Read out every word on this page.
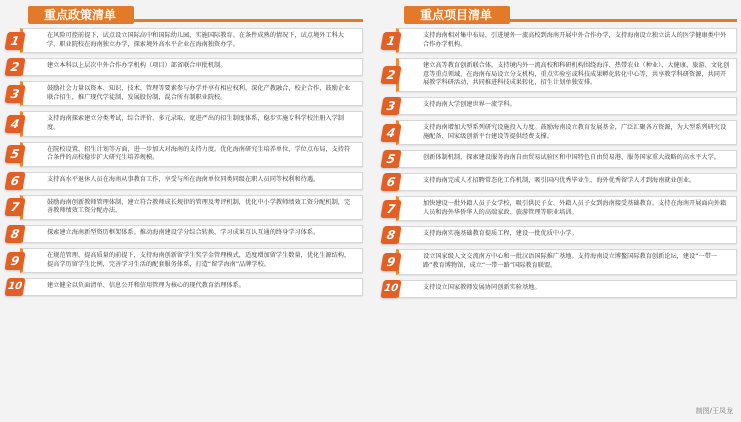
重点政策清单
在风险可控前提下，试点设立国际高中和国际幼儿园，实施国际教育。在条件成熟的情况下，试点境外工科大学、职业院校在海南独立办学，探索境外高水平企业在海南独资办学。
1
建立本科以上层次中外合作办学机构（项目）部省联合审批机制。
2
鼓励社会力量以资本、知识、技术、管理等要素参与办学并享有相应权利，深化产教融合、校企合作，鼓励企业联合招生，推广现代学徒制，发展股份制、混合所有制职业院校。
3
支持海南探索建立分类考试、综合评价、多元录取、宽进严出的招生制度体系，稳步实施专科学校注册入学制度。
4
在院校设置、招生计划等方面，进一步加大对海南的支持力度。优化海南研究生培养单位、学位点布局，支持符合条件的高校稳步扩大研究生培养规模。
5
支持高水平退休人员在海南从事教育工作，享受与所在海南单位同类同级在职人员同等权利和待遇。
6
鼓励海南创新教师管理体制，建立符合教师成长规律的管理及考评机制，优化中小学教师绩效工资分配机制，完善教师绩效工资分配办法。
7
探索建立海南新型资历框架体系。推动海南建设学分综合转换、学习成果互认互通的终身学习体系。
8
在规范管理、提高质量的前提下，支持海南创新留学生奖学金管理模式，适度增加留学生数量，优化生源结构，提高学历留学生比例，完善学习生活的配套服务体系，打造“留学海南”品牌学校。
9
建立健全以负面清单、信息公开和信用管理为核心的现代教育治理体系。
10
重点项目清单
支持海南相对集中布局，引进境外一流高校到海南开展中外合作办学，支持海南设立独立法人的医学健康类中外合作办学机构。
1
建立高等教育创新联合体。支持境内外一流高校和科研机构围绕海洋、热带农业（种业）、大健康、旅游、文化创意等重点领域，在海南布局设立分支机构，重点实验室或科技成果孵化转化中心等，共享教学科研资源，共同开展教学科研活动，共同推进科技成果转化，招生计划单独安排。
2
支持海南大学创建世界一流学科。
3
支持海南增加大型系列研究设施投入力度。鼓励海南设立教育发展基金，广泛汇聚各方资源，为大型系列研究设施配备、国家级创新平台建设等提供经费支撑。
4
创新体制机制，探索建设服务海南自由贸易试验区和中国特色自由贸易港、服务国家重大战略的高水平大学。
5
支持海南完成人才招聘常态化工作机制，吸引国内优秀毕业生、海外优秀留学人才到海南就业创业。
6
加快建设一批外籍人员子女学校，吸引供民子女、外籍人员子女到海南接受基础教育。支持在海南开展面向外籍人员和海外华侨华人的高端家政、旅游管理等职业培训。
7
支持海南实施基础教育提质工程，建设一批优质中小学。
8
设立国家级人文交流南方中心和一批汉语国际推广基地。支持海南设立博鳌国际教育创新论坛，建设“一带一路”教育博物馆，成立“一带一路”国际教育联盟。
9
支持设立国家教师发展协同创新实验基地。
10
制图/王凤龙
